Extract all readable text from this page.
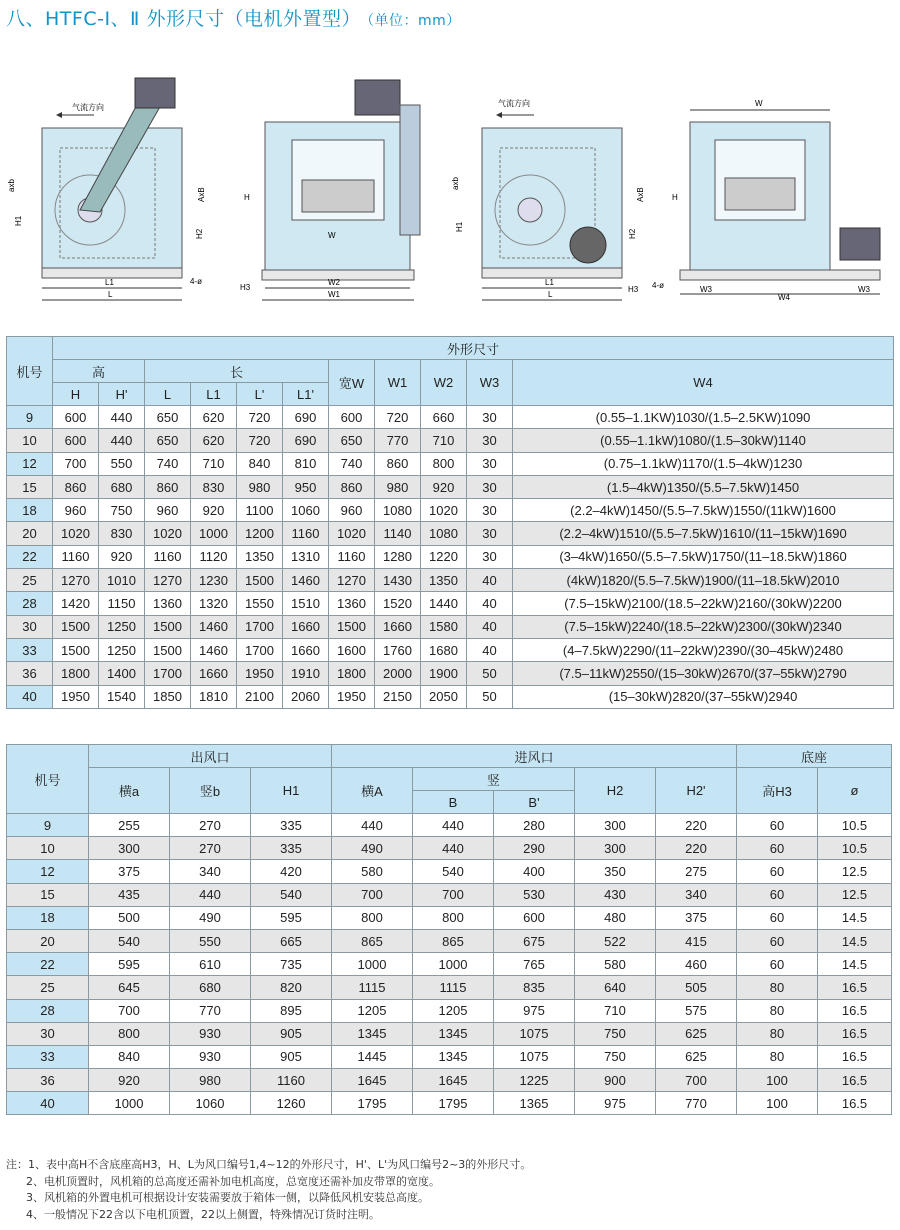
八、HTFC-Ⅰ、Ⅱ 外形尺寸（电机外置型） （单位：mm）
气流方向
axb
AxB
H1
H2
4-ø
L1
L
H
W
H3
W2
W1
气流方向
axb
AxB
H1
H2
H3 4-ø
L1
L
W
H
W3
W4
W3
机号	外形尺寸										
	高		长				宽W	W1	W2	W3	W4
	H	H'	L	L1	L'	L1'					
9	600	440	650	620	720	690	600	720	660	30	(0.55–1.1KW)1030/(1.5–2.5KW)1090
10	600	440	650	620	720	690	650	770	710	30	(0.55–1.1kW)1080/(1.5–30kW)1140
12	700	550	740	710	840	810	740	860	800	30	(0.75–1.1kW)1170/(1.5–4kW)1230
15	860	680	860	830	980	950	860	980	920	30	(1.5–4kW)1350/(5.5–7.5kW)1450
18	960	750	960	920	1100	1060	960	1080	1020	30	(2.2–4kW)1450/(5.5–7.5kW)1550/(11kW)1600
20	1020	830	1020	1000	1200	1160	1020	1140	1080	30	(2.2–4kW)1510/(5.5–7.5kW)1610/(11–15kW)1690
22	1160	920	1160	1120	1350	1310	1160	1280	1220	30	(3–4kW)1650/(5.5–7.5kW)1750/(11–18.5kW)1860
25	1270	1010	1270	1230	1500	1460	1270	1430	1350	40	(4kW)1820/(5.5–7.5kW)1900/(11–18.5kW)2010
28	1420	1150	1360	1320	1550	1510	1360	1520	1440	40	(7.5–15kW)2100/(18.5–22kW)2160/(30kW)2200
30	1500	1250	1500	1460	1700	1660	1500	1660	1580	40	(7.5–15kW)2240/(18.5–22kW)2300/(30kW)2340
33	1500	1250	1500	1460	1700	1660	1600	1760	1680	40	(4–7.5kW)2290/(11–22kW)2390/(30–45kW)2480
36	1800	1400	1700	1660	1950	1910	1800	2000	1900	50	(7.5–11kW)2550/(15–30kW)2670/(37–55kW)2790
40	1950	1540	1850	1810	2100	2060	1950	2150	2050	50	(15–30kW)2820/(37–55kW)2940
机号	出风口			进风口					底座	
	横a	竖b	H1	横A	竖		H2	H2'	高H3	ø
					B	B'				
9	255	270	335	440	440	280	300	220	60	10.5
10	300	270	335	490	440	290	300	220	60	10.5
12	375	340	420	580	540	400	350	275	60	12.5
15	435	440	540	700	700	530	430	340	60	12.5
18	500	490	595	800	800	600	480	375	60	14.5
20	540	550	665	865	865	675	522	415	60	14.5
22	595	610	735	1000	1000	765	580	460	60	14.5
25	645	680	820	1115	1115	835	640	505	80	16.5
28	700	770	895	1205	1205	975	710	575	80	16.5
30	800	930	905	1345	1345	1075	750	625	80	16.5
33	840	930	905	1445	1345	1075	750	625	80	16.5
36	920	980	1160	1645	1645	1225	900	700	100	16.5
40	1000	1060	1260	1795	1795	1365	975	770	100	16.5
注：1、表中高H不含底座高H3，H、L为风口编号1,4~12的外形尺寸，H'、L'为风口编号2~3的外形尺寸。
2、电机顶置时，风机箱的总高度还需补加电机高度，总宽度还需补加皮带罩的宽度。
3、风机箱的外置电机可根据设计安装需要放于箱体一侧，以降低风机安装总高度。
4、一般情况下22含以下电机顶置，22以上侧置，特殊情况订货时注明。
